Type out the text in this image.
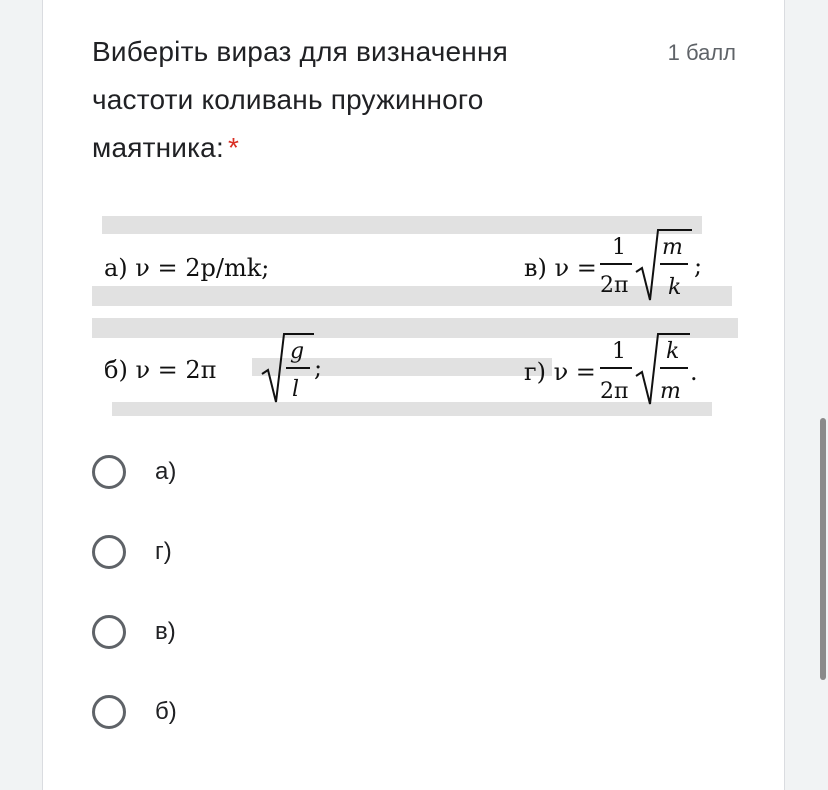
Виберіть вираз для визначення частоти коливань пружинного маятника: *
1 балл
а) ν = 2p/mk;	в) ν =
1
2π
m
k
;
б) ν = 2π
g
l
;	г) ν =
1
2π
k
m
.
а)
г)
в)
б)
